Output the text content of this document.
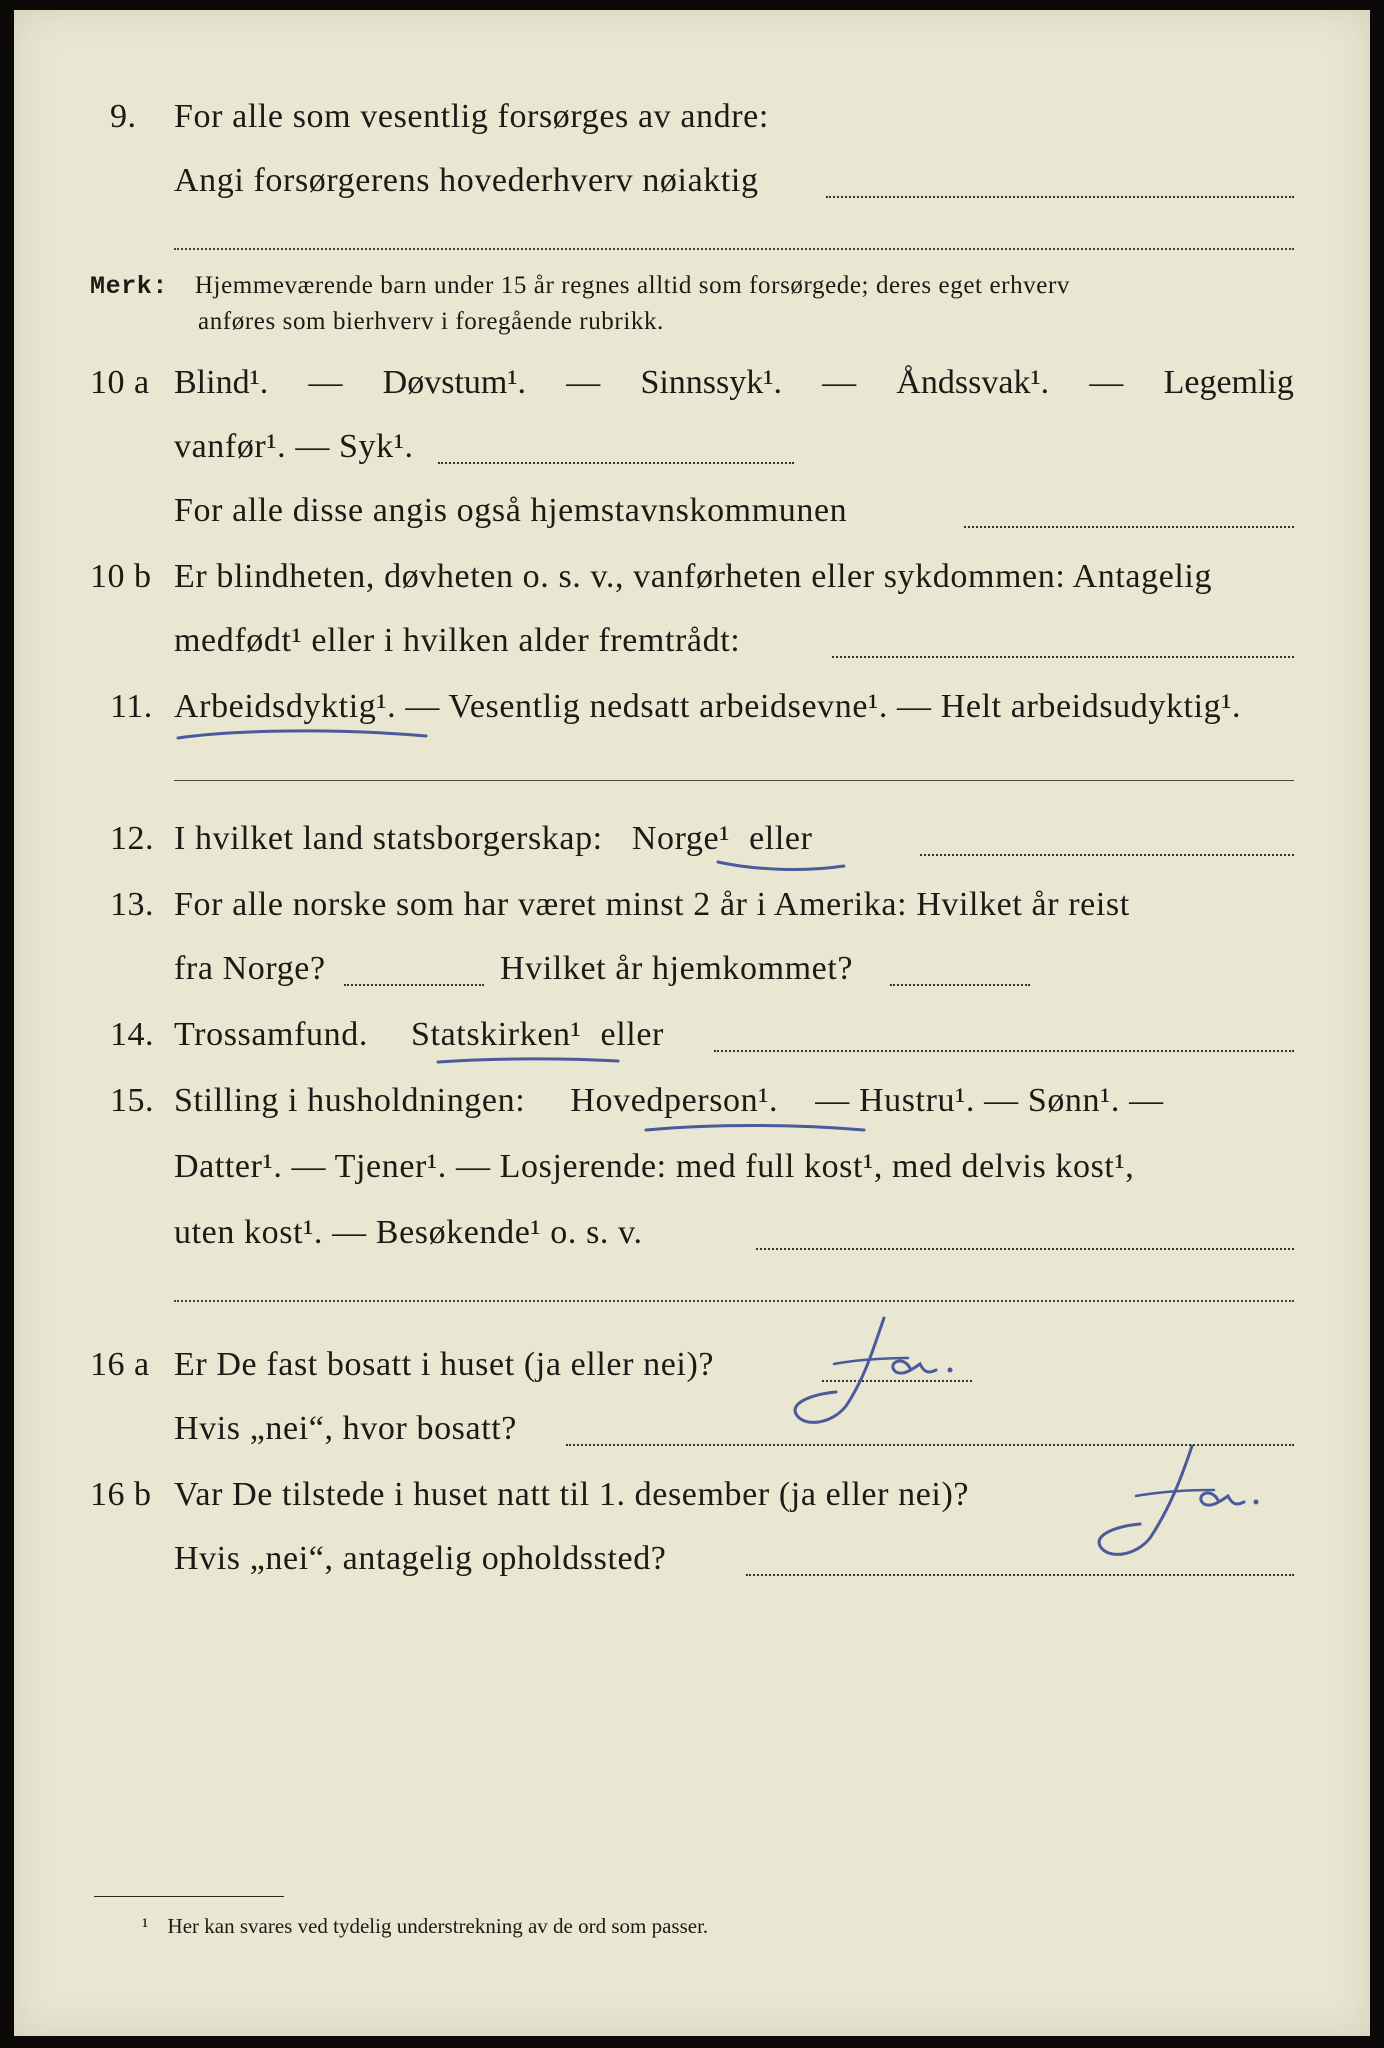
9. For alle som vesentlig forsørges av andre:
Angi forsørgerens hovederhverv nøiaktig
Merk: Hjemmeværende barn under 15 år regnes alltid som forsørgede; deres eget erhverv
anføres som bierhverv i foregående rubrikk.
10 a Blind¹. — Døvstum¹. — Sinnssyk¹. — Åndssvak¹. — Legemlig
vanfør¹. — Syk¹.
For alle disse angis også hjemstavnskommunen
10 b Er blindheten, døvheten o. s. v., vanførheten eller sykdommen: Antagelig
medfødt¹ eller i hvilken alder fremtrådt:
11. Arbeidsdyktig¹. — Vesentlig nedsatt arbeidsevne¹. — Helt arbeidsudyktig¹.
12. I hvilket land statsborgerskap: Norge¹ eller
13. For alle norske som har været minst 2 år i Amerika: Hvilket år reist
fra Norge?	Hvilket år hjemkommet?
14. Trossamfund. Statskirken¹ eller
15. Stilling i husholdningen: Hovedperson¹. — Hustru¹. — Sønn¹. —
Datter¹. — Tjener¹. — Losjerende: med full kost¹, med delvis kost¹,
uten kost¹. — Besøkende¹ o. s. v.
16 a Er De fast bosatt i huset (ja eller nei)?
Hvis „nei“, hvor bosatt?
16 b Var De tilstede i huset natt til 1. desember (ja eller nei)?
Hvis „nei“, antagelig opholdssted?
¹ Her kan svares ved tydelig understrekning av de ord som passer.
